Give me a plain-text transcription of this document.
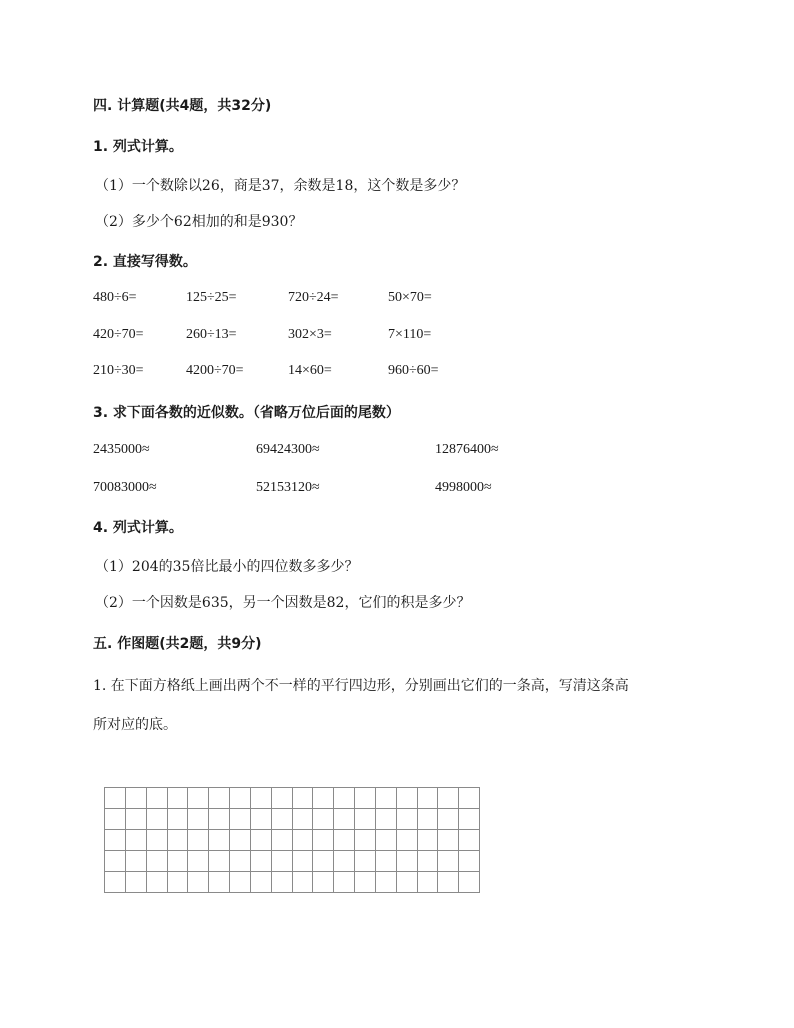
四. 计算题(共4题，共32分)
1. 列式计算。
（1）一个数除以26，商是37，余数是18，这个数是多少？
（2）多少个62相加的和是930？
2. 直接写得数。
480÷6=	125÷25=	720÷24=	50×70=
420÷70=	260÷13=	302×3=	7×110=
210÷30=	4200÷70=	14×60=	960÷60=
3. 求下面各数的近似数。（省略万位后面的尾数）
2435000≈	69424300≈	12876400≈
70083000≈	52153120≈	4998000≈
4. 列式计算。
（1）204的35倍比最小的四位数多多少？
（2）一个因数是635，另一个因数是82，它们的积是多少？
五. 作图题(共2题，共9分)
1. 在下面方格纸上画出两个不一样的平行四边形，分别画出它们的一条高，写清这条高
所对应的底。
